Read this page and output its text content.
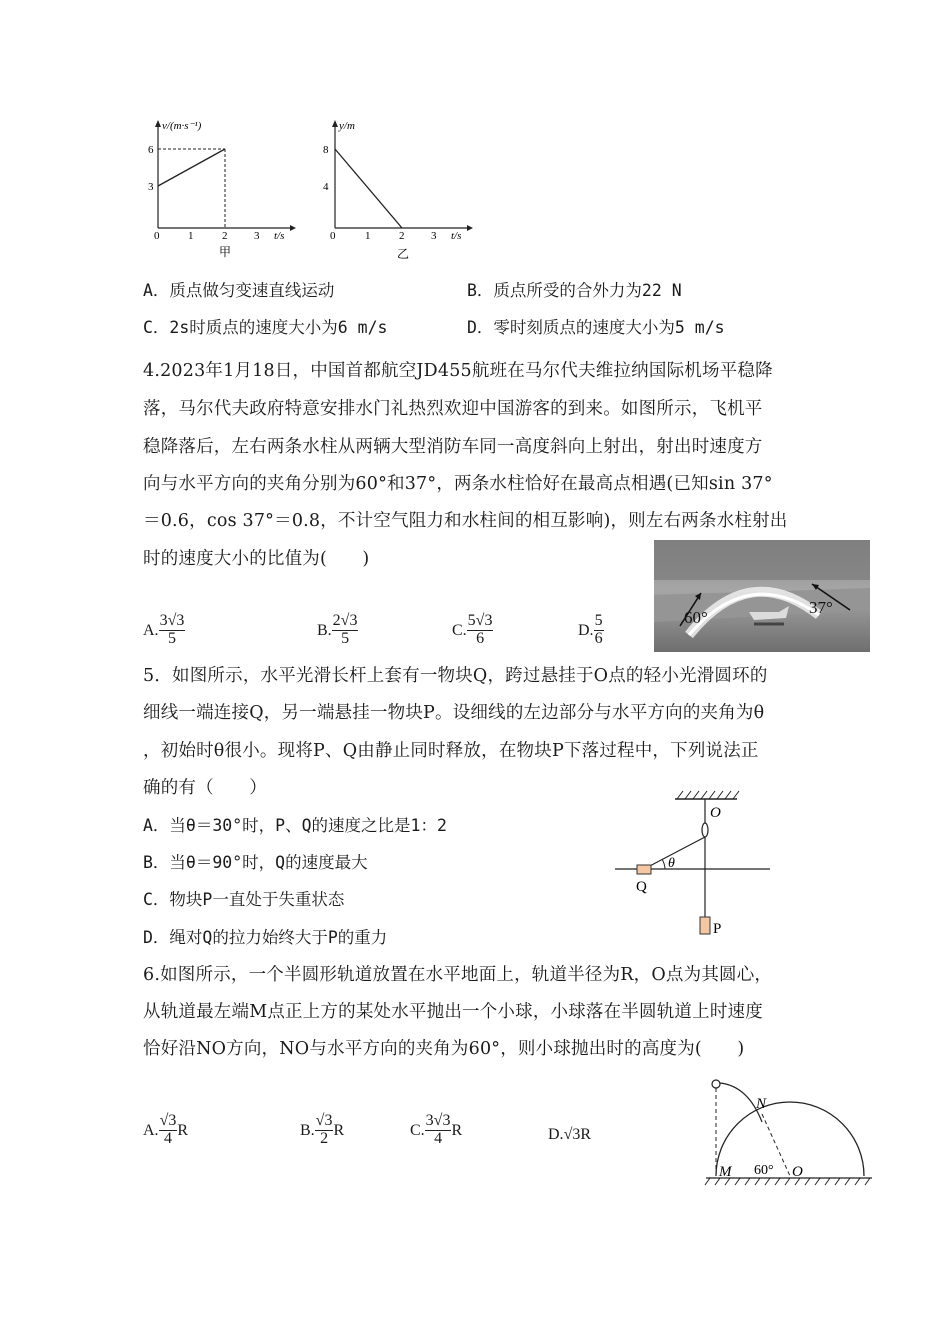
v/(m·s⁻¹)
6
3
0	1	2 3 t/s
甲
y/m
8
4
0	1	2 3 t/s
乙
A．质点做匀变速直线运动	B．质点所受的合外力为22 N
C．2s时质点的速度大小为6 m/s	D．零时刻质点的速度大小为5 m/s
4.2023年1月18日，中国首都航空JD455航班在马尔代夫维拉纳国际机场平稳降
落，马尔代夫政府特意安排水门礼热烈欢迎中国游客的到来。如图所示，飞机平
稳降落后，左右两条水柱从两辆大型消防车同一高度斜向上射出，射出时速度方
向与水平方向的夹角分别为60°和37°，两条水柱恰好在最高点相遇(已知sin 37°
＝0.6，cos 37°＝0.8，不计空气阻力和水柱间的相互影响)，则左右两条水柱射出
时的速度大小的比值为(　　)
A. $\frac{3√3}{5}$	B. $\frac{2√3}{5}$	C. $\frac{5√3}{6}$	D. $\frac{5}{6}$	60°
37°
5．如图所示，水平光滑长杆上套有一物块Q，跨过悬挂于O点的轻小光滑圆环的
细线一端连接Q，另一端悬挂一物块P。设细线的左边部分与水平方向的夹角为θ
，初始时θ很小。现将P、Q由静止同时释放，在物块P下落过程中，下列说法正
确的有（　　）
A．当θ＝30°时，P、Q的速度之比是1：2
B．当θ＝90°时，Q的速度最大
C．物块P一直处于失重状态
D．绳对Q的拉力始终大于P的重力
O
θ
Q
P
6.如图所示，一个半圆形轨道放置在水平地面上，轨道半径为R，O点为其圆心，
从轨道最左端M点正上方的某处水平抛出一个小球，小球落在半圆轨道上时速度
恰好沿NO方向，NO与水平方向的夹角为60°，则小球抛出时的高度为(　　)
A. $\frac{√3}{4}$ R	B. $\frac{√3}{2}$ R	C. $\frac{3√3}{4}$ R	D.√3R
N
M 60° O
